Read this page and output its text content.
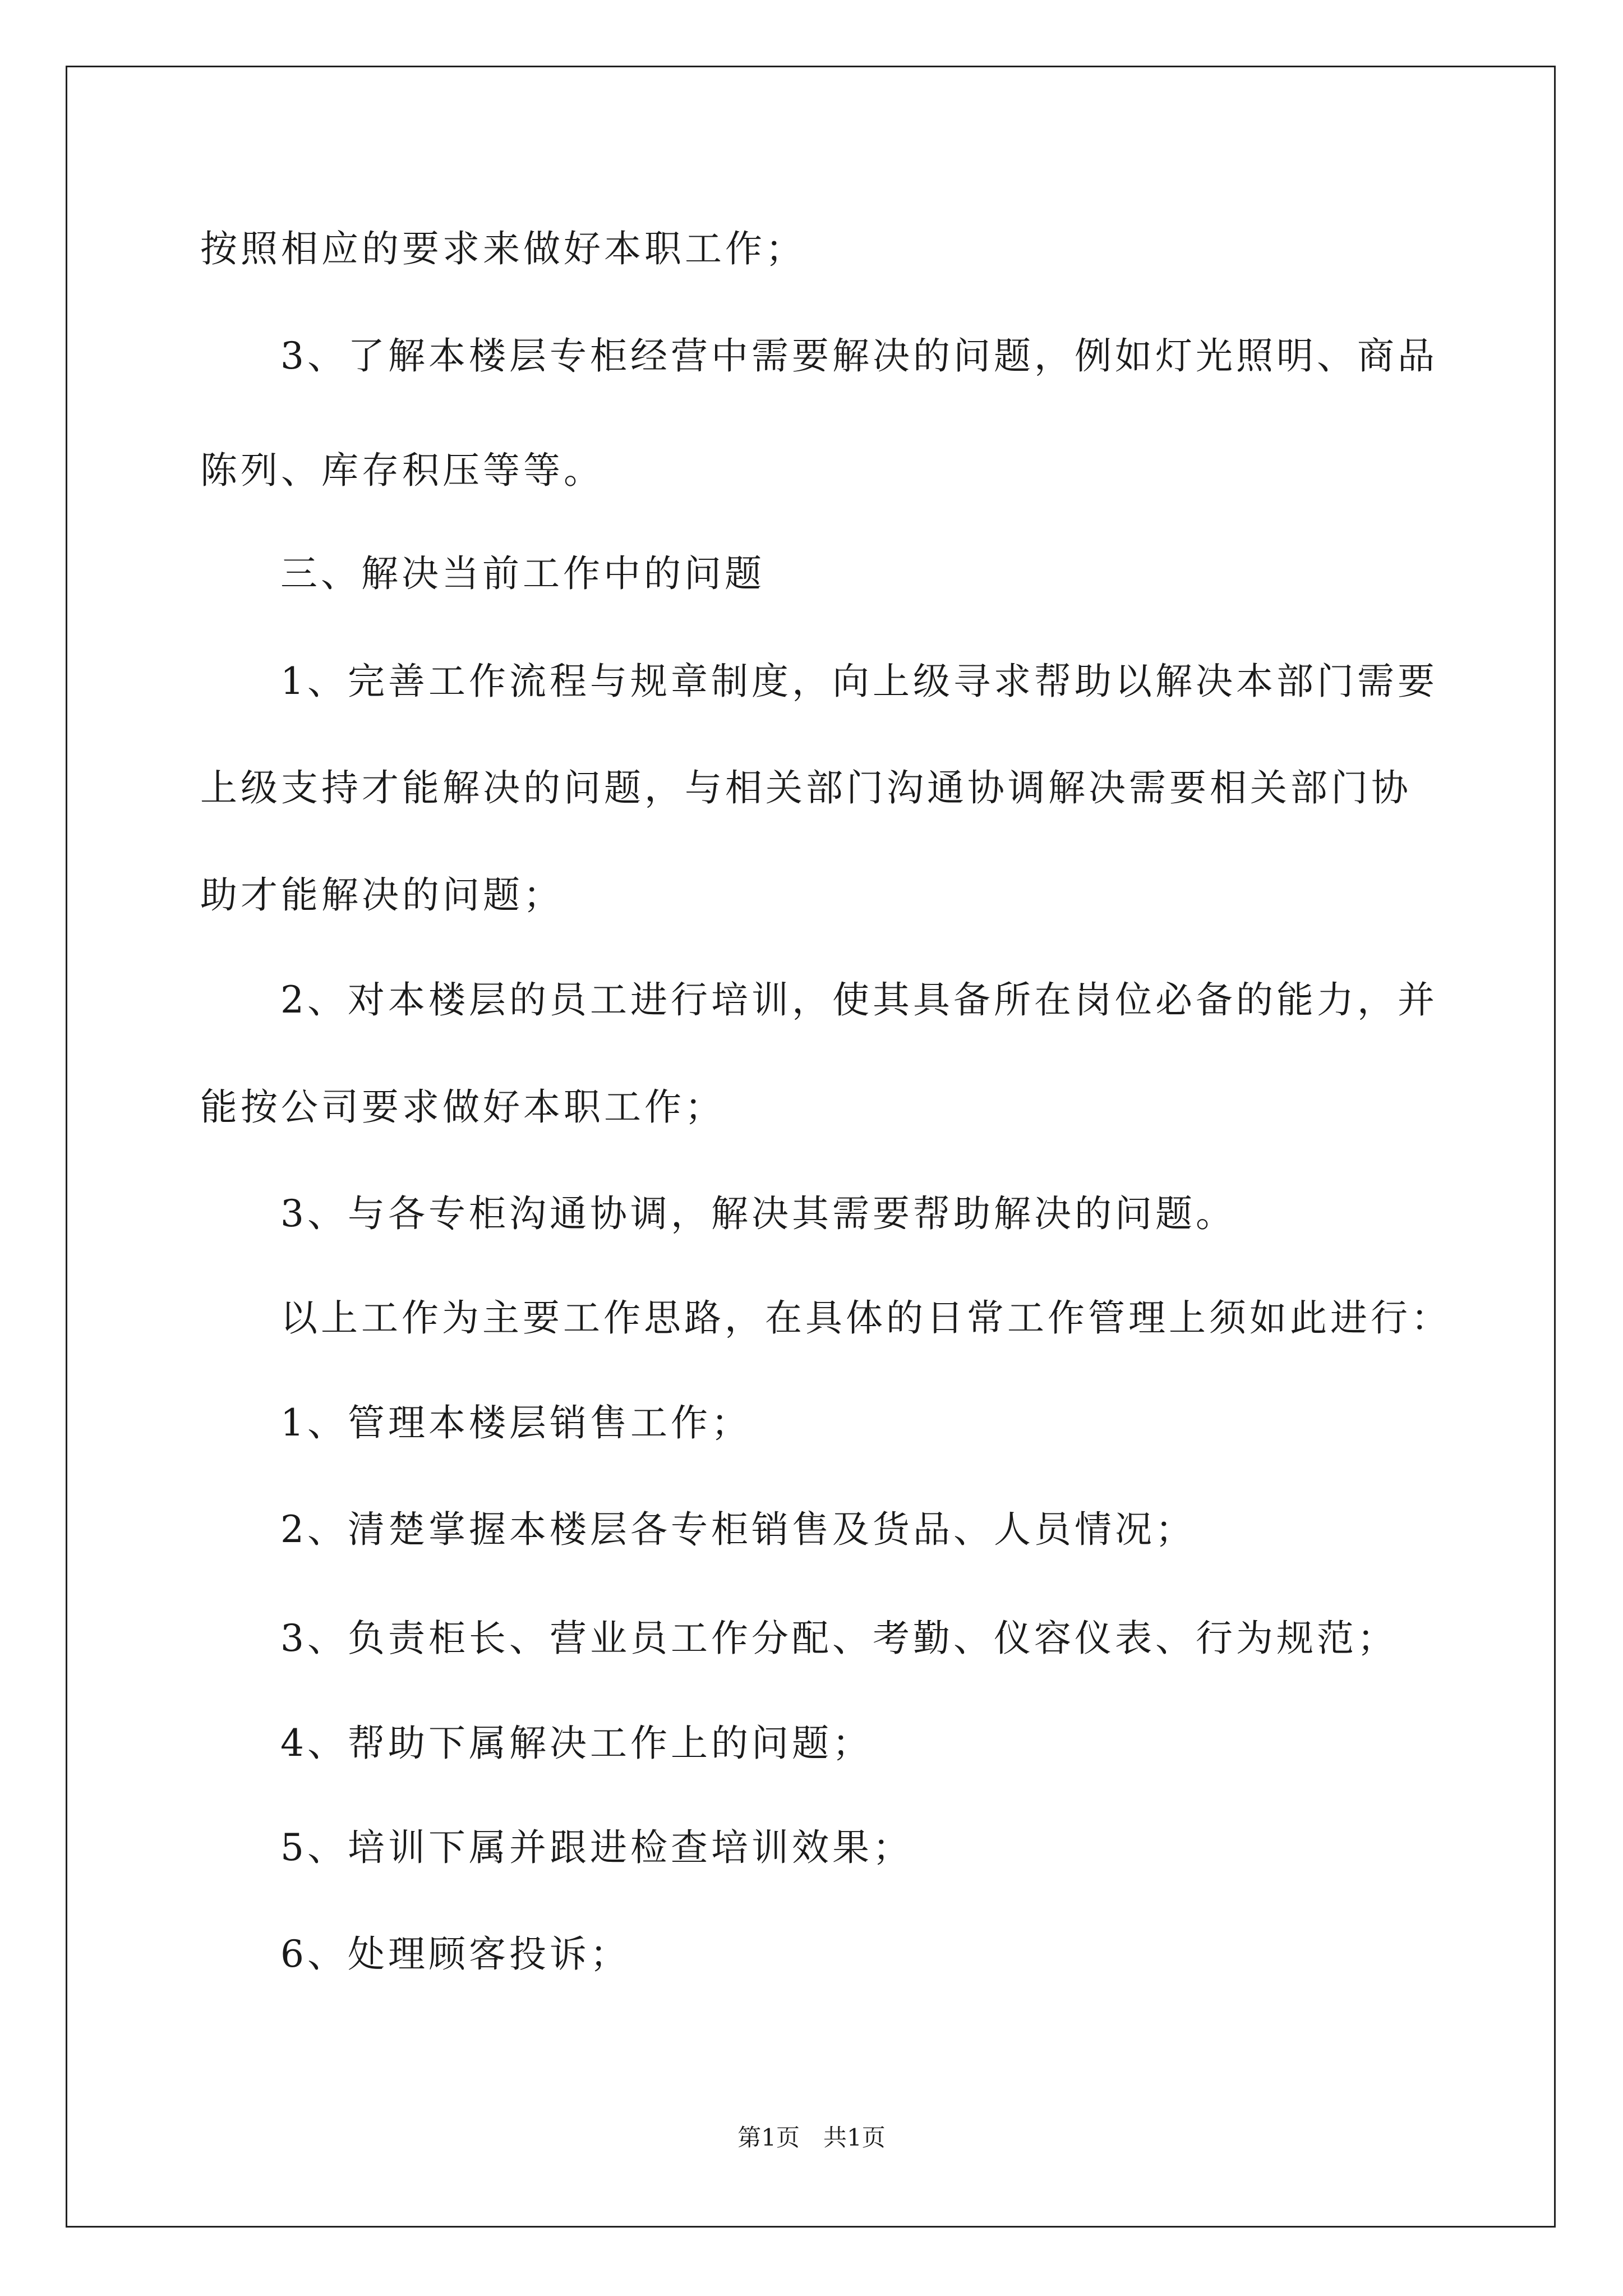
按照相应的要求来做好本职工作；
3、了解本楼层专柜经营中需要解决的问题，例如灯光照明、商品
陈列、库存积压等等。
三、解决当前工作中的问题
1、完善工作流程与规章制度，向上级寻求帮助以解决本部门需要
上级支持才能解决的问题，与相关部门沟通协调解决需要相关部门协
助才能解决的问题；
2、对本楼层的员工进行培训，使其具备所在岗位必备的能力，并
能按公司要求做好本职工作；
3、与各专柜沟通协调，解决其需要帮助解决的问题。
以上工作为主要工作思路，在具体的日常工作管理上须如此进行：
1、管理本楼层销售工作；
2、清楚掌握本楼层各专柜销售及货品、人员情况；
3、负责柜长、营业员工作分配、考勤、仪容仪表、行为规范；
4、帮助下属解决工作上的问题；
5、培训下属并跟进检查培训效果；
6、处理顾客投诉；
第1页　共1页
